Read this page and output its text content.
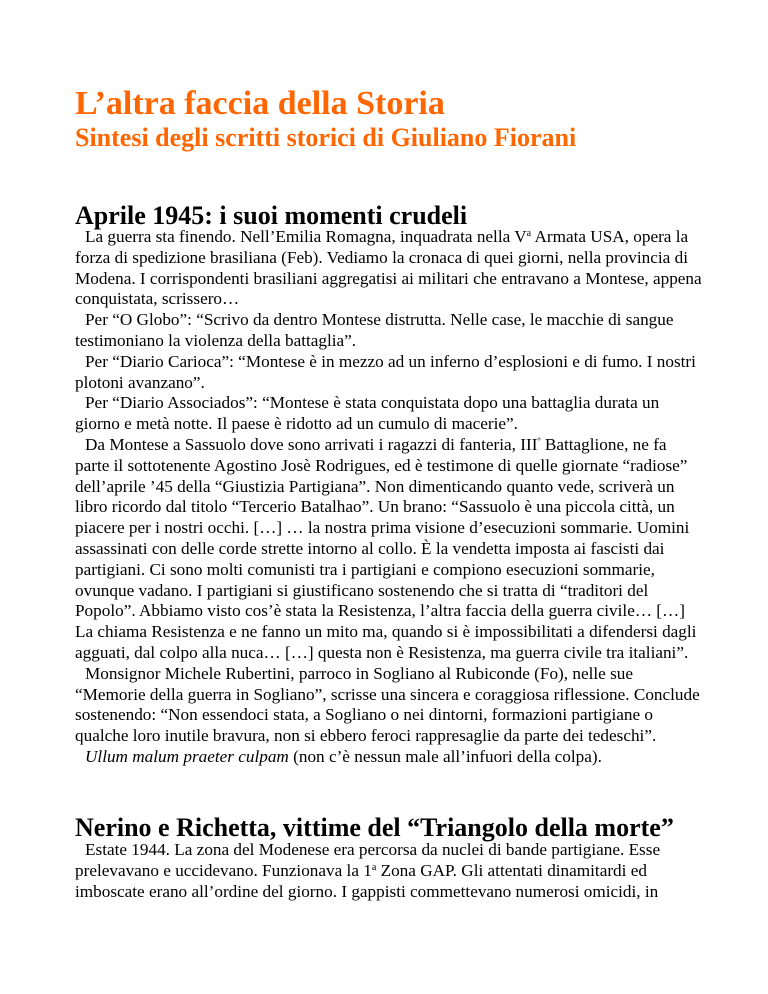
L’altra faccia della Storia
Sintesi degli scritti storici di Giuliano Fiorani
Aprile 1945: i suoi momenti crudeli

La guerra sta finendo. Nell’Emilia Romagna, inquadrata nella $V^a$ Armata USA, opera la forza di spedizione brasiliana (Feb). Vediamo la cronaca di quei giorni, nella provincia di Modena. I corrispondenti brasiliani aggregatisi ai militari che entravano a Montese, appena conquistata, scrissero…

Per “O Globo”: “Scrivo da dentro Montese distrutta. Nelle case, le macchie di sangue testimoniano la violenza della battaglia”.

Per “Diario Carioca”: “Montese è in mezzo ad un inferno d’esplosioni e di fumo. I nostri plotoni avanzano”.

Per “Diario Associados”: “Montese è stata conquistata dopo una battaglia durata un giorno e metà notte. Il paese è ridotto ad un cumulo di macerie”.

Da Montese a Sassuolo dove sono arrivati i ragazzi di fanteria, $III^º$ Battaglione, ne fa parte il sottotenente Agostino Josè Rodrigues, ed è testimone di quelle giornate “radiose” dell’aprile ’45 della “Giustizia Partigiana”. Non dimenticando quanto vede, scriverà un libro ricordo dal titolo “Tercerio Batalhao”. Un brano: “Sassuolo è una piccola città, un piacere per i nostri occhi. […] … la nostra prima visione d’esecuzioni sommarie. Uomini assassinati con delle corde strette intorno al collo. È la vendetta imposta ai fascisti dai partigiani. Ci sono molti comunisti tra i partigiani e compiono esecuzioni sommarie, ovunque vadano. I partigiani si giustificano sostenendo che si tratta di “traditori del Popolo”. Abbiamo visto cos’è stata la Resistenza, l’altra faccia della guerra civile… […] La chiama Resistenza e ne fanno un mito ma, quando si è impossibilitati a difendersi dagli agguati, dal colpo alla nuca… […] questa non è Resistenza, ma guerra civile tra italiani”.

Monsignor Michele Rubertini, parroco in Sogliano al Rubiconde (Fo), nelle sue “Memorie della guerra in Sogliano”, scrisse una sincera e coraggiosa riflessione. Conclude sostenendo: “Non essendoci stata, a Sogliano o nei dintorni, formazioni partigiane o qualche loro inutile bravura, non si ebbero feroci rappresaglie da parte dei tedeschi”.

Ullum malum praeter culpam (non c’è nessun male all’infuori della colpa).

Nerino e Richetta, vittime del “Triangolo della morte”

Estate 1944. La zona del Modenese era percorsa da nuclei di bande partigiane. Esse prelevavano e uccidevano. Funzionava la 1$^a$ Zona GAP. Gli attentati dinamitardi ed imboscate erano all’ordine del giorno. I gappisti commettevano numerosi omicidi, in
